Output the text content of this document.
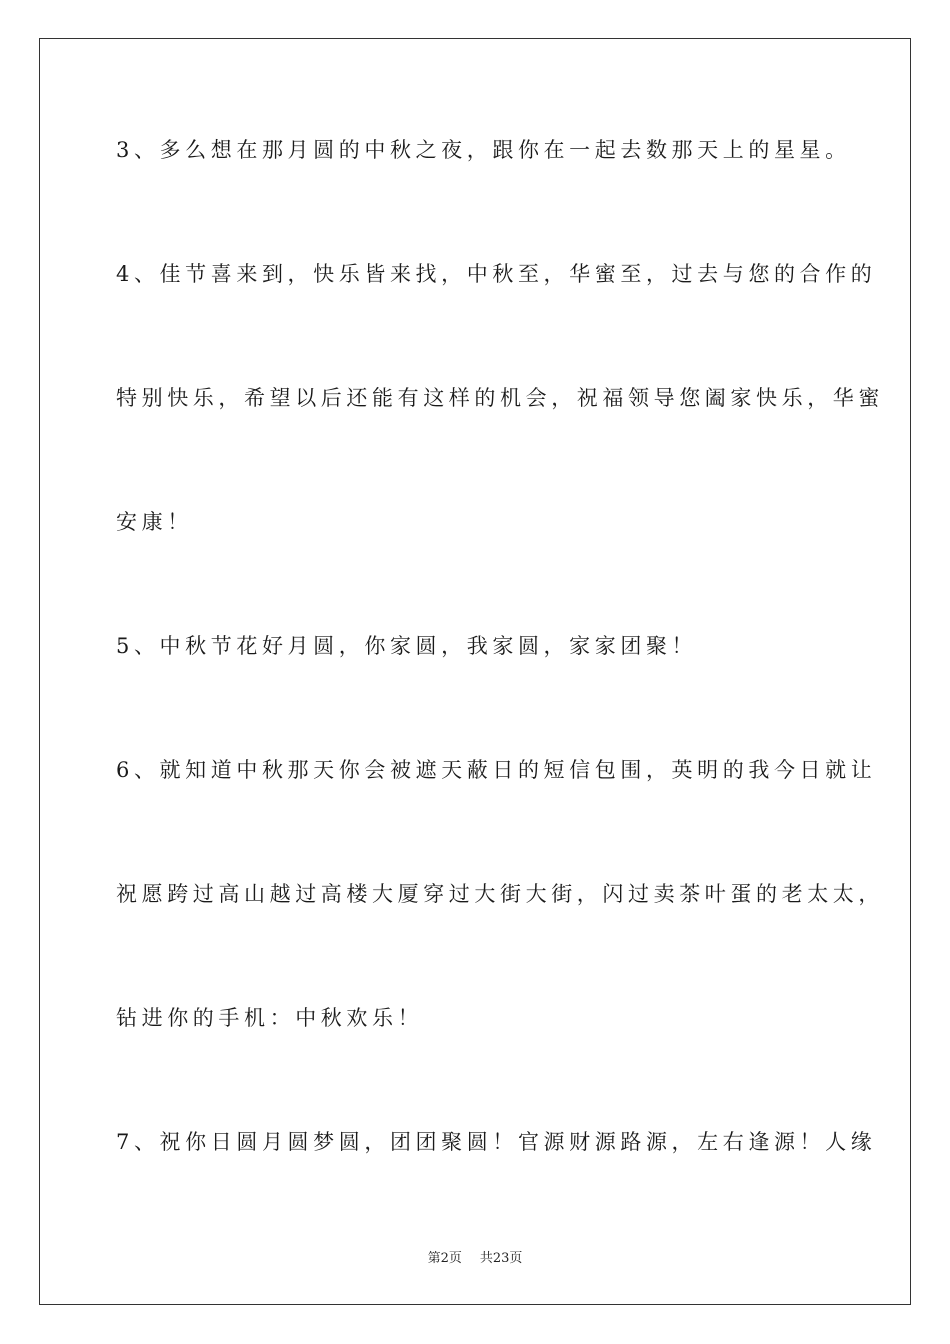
3、多么想在那月圆的中秋之夜，跟你在一起去数那天上的星星。
4、佳节喜来到，快乐皆来找，中秋至，华蜜至，过去与您的合作的
特别快乐，希望以后还能有这样的机会，祝福领导您阖家快乐，华蜜
安康！
5、中秋节花好月圆，你家圆，我家圆，家家团聚！
6、就知道中秋那天你会被遮天蔽日的短信包围，英明的我今日就让
祝愿跨过高山越过高楼大厦穿过大街大街，闪过卖茶叶蛋的老太太，
钻进你的手机：中秋欢乐！
7、祝你日圆月圆梦圆，团团聚圆！官源财源路源，左右逢源！人缘
第2页 共23页
